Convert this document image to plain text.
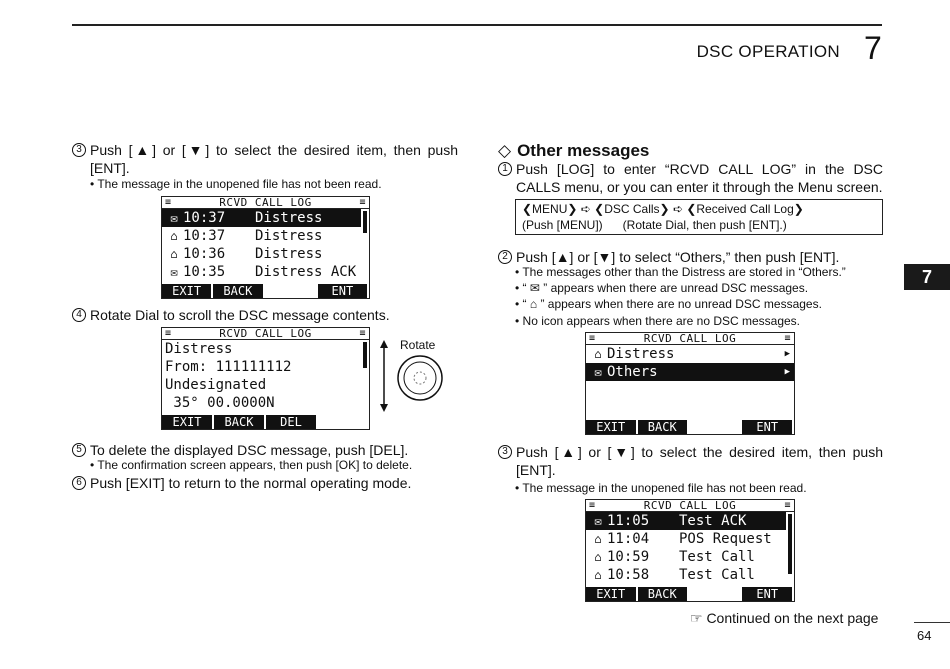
DSC OPERATION 7
7
3 Push [▲] or [▼] to select the desired item, then push [ENT].
• The message in the unopened file has not been read.
≡	RCVD CALL LOG	≡
✉ 10:37	Distress
⌂ 10:37	Distress
⌂ 10:36	Distress
✉ 10:35	Distress ACK
EXIT	BACK	ENT
4 Rotate Dial to scroll the DSC message contents.
≡	RCVD CALL LOG	≡
Distress
From: 111111112
Undesignated
35° 00.0000N
EXIT	BACK	DEL
Rotate
5 To delete the displayed DSC message, push [DEL].
• The confirmation screen appears, then push [OK] to delete.
6 Push [EXIT] to return to the normal operating mode.
◇ Other messages
1 Push [LOG] to enter “RCVD CALL LOG” in the DSC CALLS menu, or you can enter it through the Menu screen.
❮MENU❯ ➪ ❮DSC Calls❯ ➪ ❮Received Call Log❯
(Push [MENU])      (Rotate Dial, then push [ENT].)
2 Push [▲] or [▼] to select “Others,” then push [ENT].
• The messages other than the Distress are stored in “Others.”
• “ ✉ ” appears when there are unread DSC messages.
• “ ⌂ ” appears when there are no unread DSC messages.
• No icon appears when there are no DSC messages.
≡	RCVD CALL LOG	≡
⌂ Distress	▶
✉ Others	▶
EXIT	BACK	ENT
3 Push [▲] or [▼] to select the desired item, then push [ENT].
• The message in the unopened file has not been read.
≡	RCVD CALL LOG	≡
✉ 11:05	Test ACK
⌂ 11:04	POS Request
⌂ 10:59	Test Call
⌂ 10:58	Test Call
EXIT	BACK	ENT
☞ Continued on the next page
64
